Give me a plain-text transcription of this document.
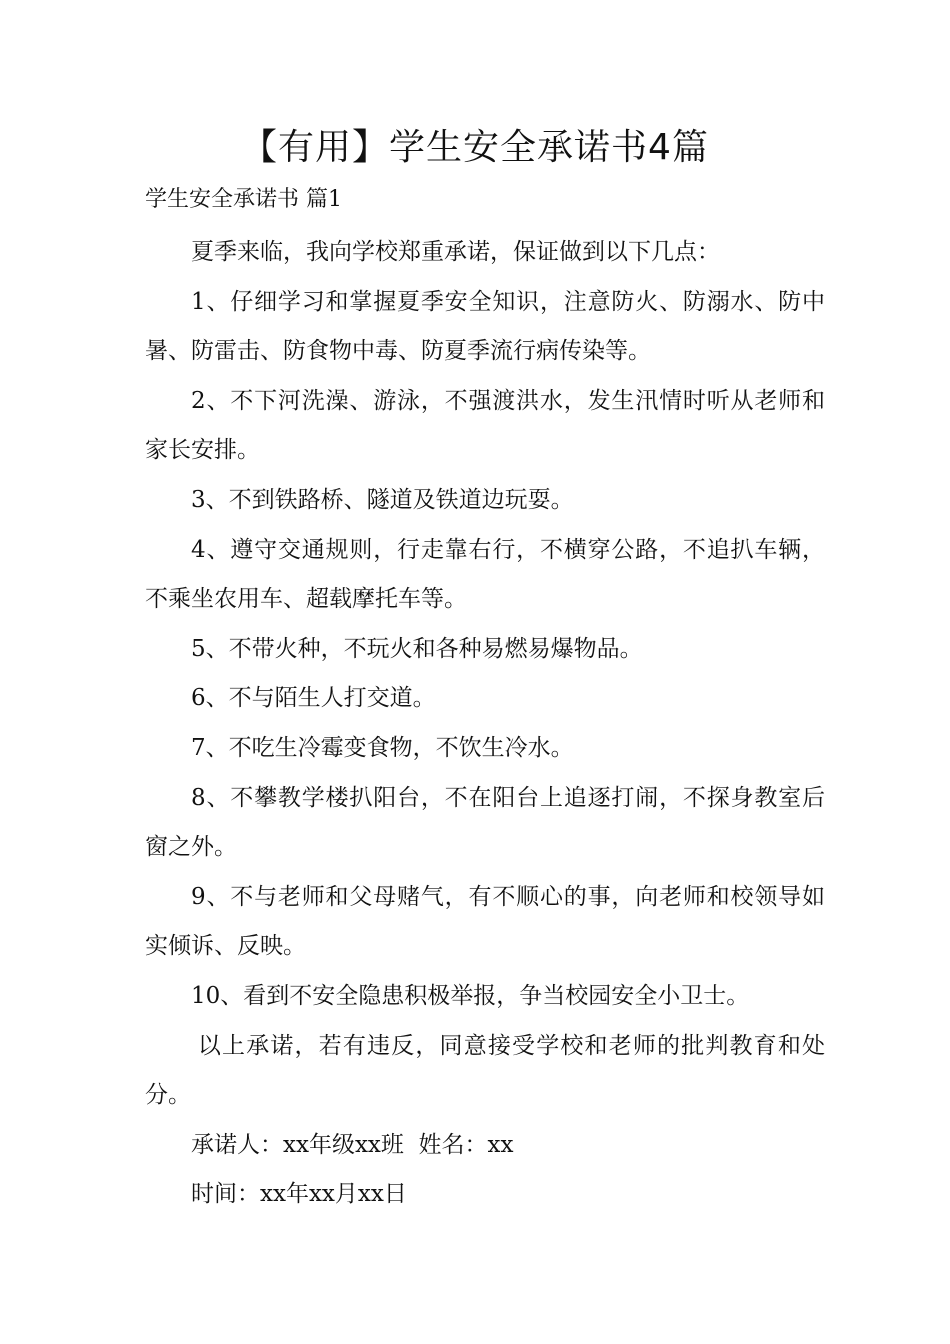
【有用】学生安全承诺书4篇
学生安全承诺书 篇1

夏季来临，我向学校郑重承诺，保证做到以下几点：

1、仔细学习和掌握夏季安全知识，注意防火、防溺水、防中暑、防雷击、防食物中毒、防夏季流行病传染等。

2、不下河洗澡、游泳，不强渡洪水，发生汛情时听从老师和家长安排。

3、不到铁路桥、隧道及铁道边玩耍。

4、遵守交通规则，行走靠右行，不横穿公路，不追扒车辆，不乘坐农用车、超载摩托车等。

5、不带火种，不玩火和各种易燃易爆物品。

6、不与陌生人打交道。

7、不吃生冷霉变食物，不饮生冷水。

8、不攀教学楼扒阳台，不在阳台上追逐打闹，不探身教室后窗之外。

9、不与老师和父母赌气，有不顺心的事，向老师和校领导如实倾诉、反映。

10、看到不安全隐患积极举报，争当校园安全小卫士。

以上承诺，若有违反，同意接受学校和老师的批判教育和处分。

承诺人：xx年级xx班  姓名：xx

时间：xx年xx月xx日
